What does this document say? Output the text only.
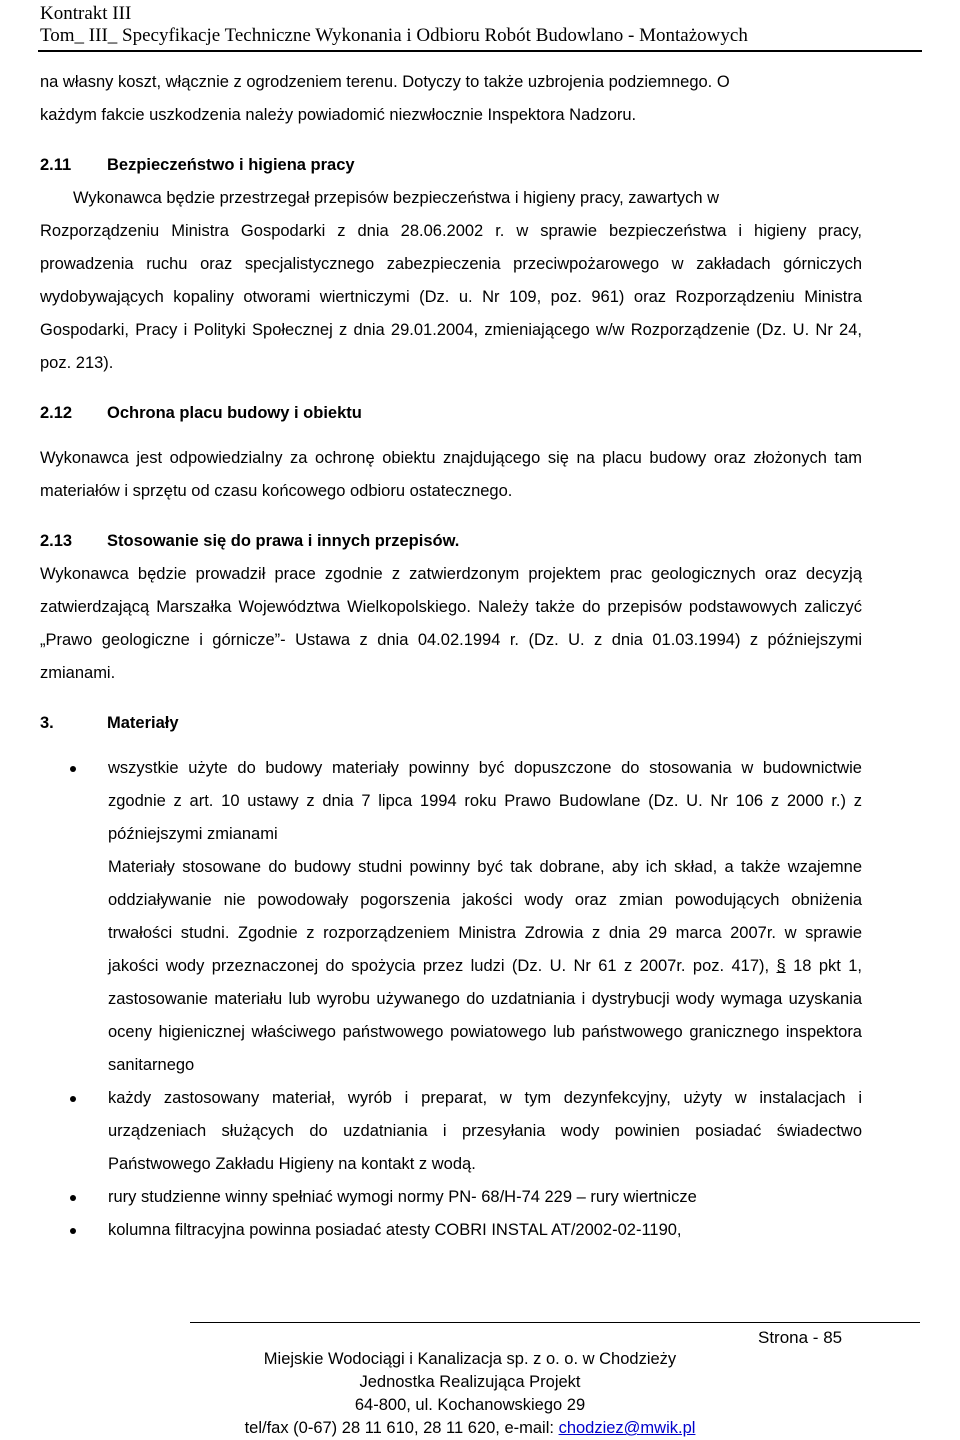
Kontrakt III
Tom_ III_ Specyfikacje Techniczne Wykonania i Odbioru Robót Budowlano - Montażowych

na własny koszt, włącznie z ogrodzeniem terenu. Dotyczy to także uzbrojenia podziemnego. O

każdym fakcie uszkodzenia należy powiadomić niezwłocznie Inspektora Nadzoru.

2.11 Bezpieczeństwo i higiena pracy

Wykonawca będzie przestrzegał przepisów bezpieczeństwa i higieny pracy, zawartych w

Rozporządzeniu Ministra Gospodarki z dnia 28.06.2002 r. w sprawie bezpieczeństwa i higieny pracy, prowadzenia ruchu oraz specjalistycznego zabezpieczenia przeciwpożarowego w zakładach górniczych wydobywających kopaliny otworami wiertniczymi (Dz. u. Nr 109, poz. 961) oraz Rozporządzeniu Ministra Gospodarki, Pracy i Polityki Społecznej z dnia 29.01.2004, zmieniającego w/w Rozporządzenie (Dz. U. Nr 24, poz. 213).

2.12 Ochrona placu budowy i obiektu

Wykonawca jest odpowiedzialny za ochronę obiektu znajdującego się na placu budowy oraz złożonych tam materiałów i sprzętu od czasu końcowego odbioru ostatecznego.

2.13 Stosowanie się do prawa i innych przepisów.

Wykonawca będzie prowadził prace zgodnie z zatwierdzonym projektem prac geologicznych oraz decyzją zatwierdzającą Marszałka Województwa Wielkopolskiego. Należy także do przepisów podstawowych zaliczyć „Prawo geologiczne i górnicze”- Ustawa z dnia 04.02.1994 r. (Dz. U. z dnia 01.03.1994) z późniejszymi zmianami.

3.	Materiały

wszystkie użyte do budowy materiały powinny być dopuszczone do stosowania w budownictwie zgodnie z art. 10 ustawy z dnia 7 lipca 1994 roku Prawo Budowlane (Dz. U. Nr 106 z 2000 r.) z późniejszymi zmianami
Materiały stosowane do budowy studni powinny być tak dobrane, aby ich skład, a także wzajemne oddziaływanie nie powodowały pogorszenia jakości wody oraz zmian powodujących obniżenia trwałości studni. Zgodnie z rozporządzeniem Ministra Zdrowia z dnia 29 marca 2007r. w sprawie jakości wody przeznaczonej do spożycia przez ludzi (Dz. U. Nr 61 z 2007r. poz. 417), § 18 pkt 1, zastosowanie materiału lub wyrobu używanego do uzdatniania i dystrybucji wody wymaga uzyskania oceny higienicznej właściwego państwowego powiatowego lub państwowego granicznego inspektora sanitarnego
każdy zastosowany materiał, wyrób i preparat, w tym dezynfekcyjny, użyty w instalacjach i urządzeniach służących do uzdatniania i przesyłania wody powinien posiadać świadectwo Państwowego Zakładu Higieny na kontakt z wodą.
rury studzienne winny spełniać wymogi normy PN- 68/H-74 229 – rury wiertnicze
kolumna filtracyjna powinna posiadać atesty COBRI INSTAL AT/2002-02-1190,
Strona - 85
Miejskie Wodociągi i Kanalizacja sp. z o. o. w Chodzieży
Jednostka Realizująca Projekt
64-800, ul. Kochanowskiego 29
tel/fax (0-67) 28 11 610, 28 11 620, e-mail: chodziez@mwik.pl
